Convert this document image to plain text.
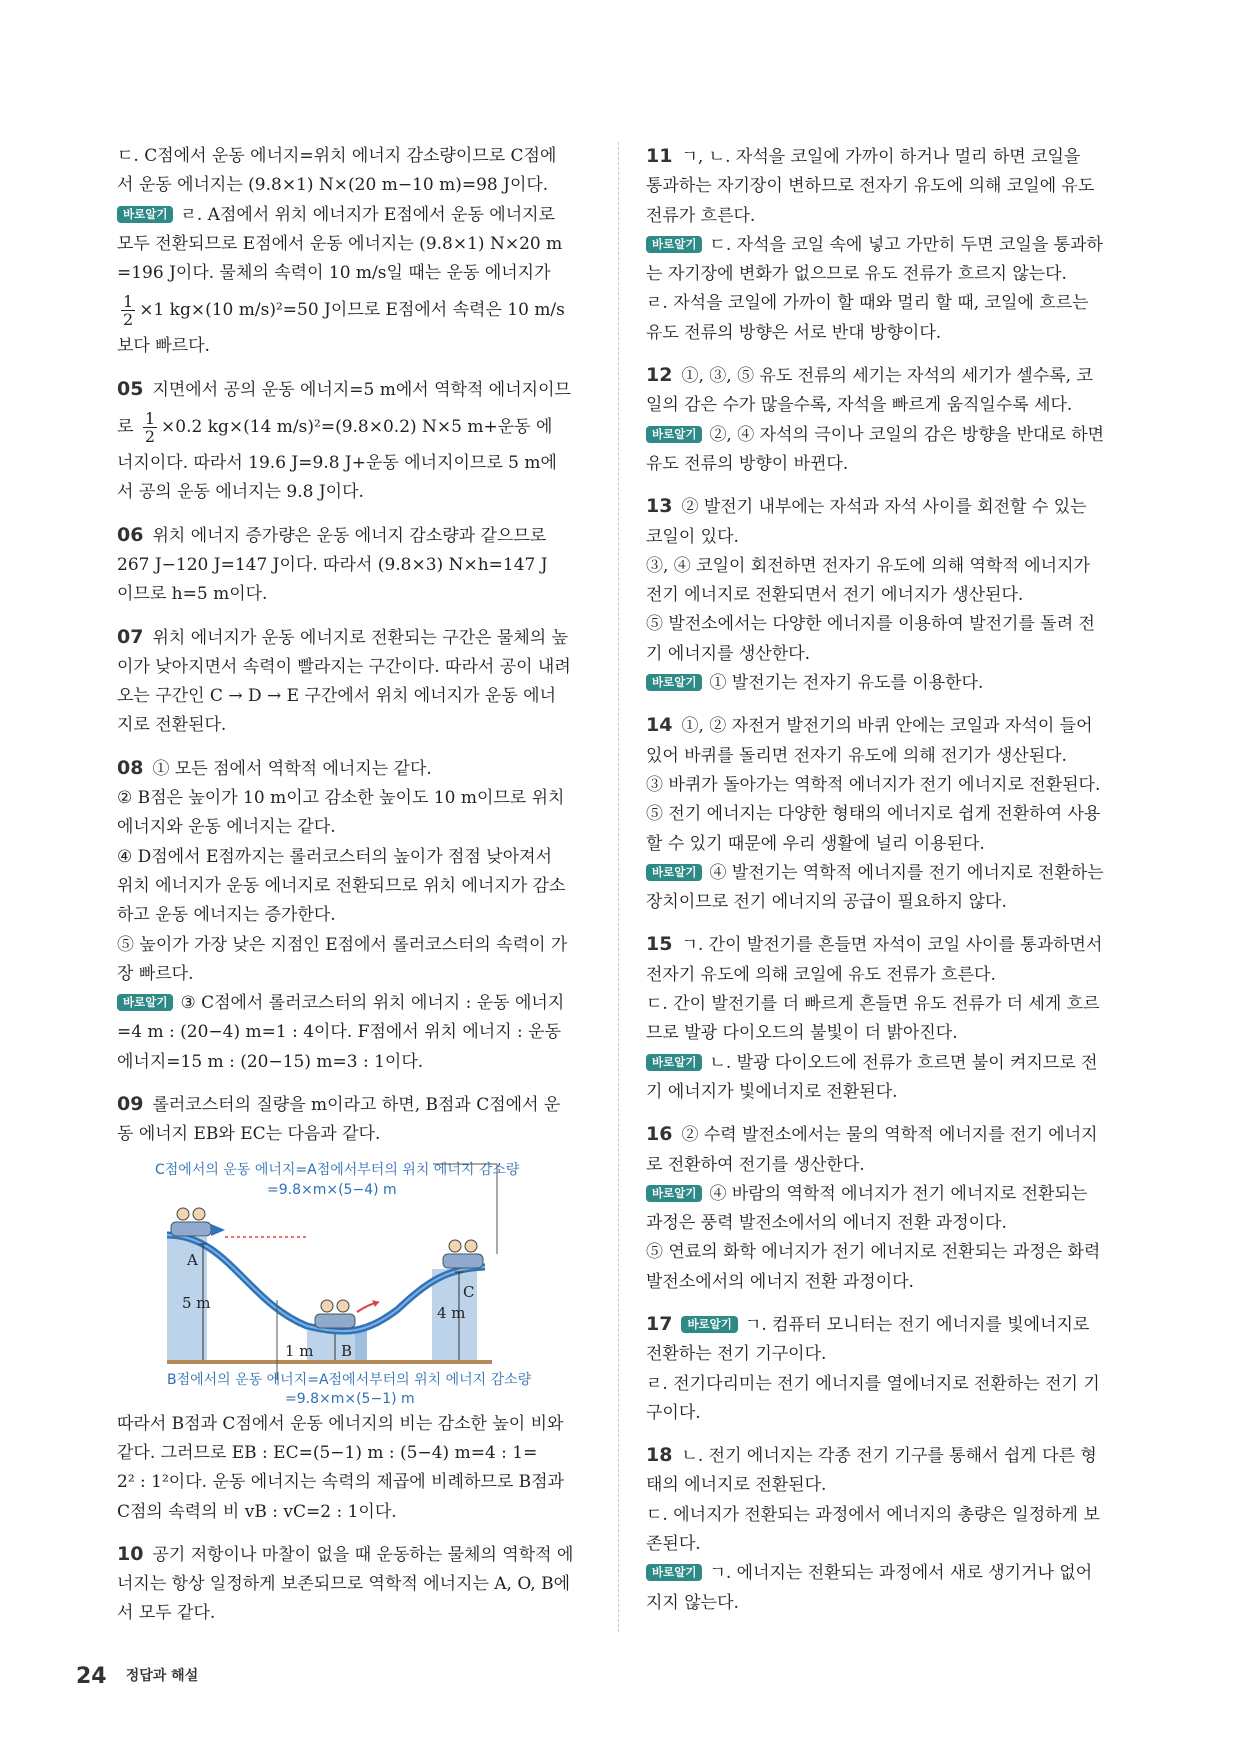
ㄷ. C점에서 운동 에너지=위치 에너지 감소량이므로 C점에
서 운동 에너지는 (9.8×1) N×(20 m−10 m)=98 J이다.
바로알기 ㄹ. A점에서 위치 에너지가 E점에서 운동 에너지로
모두 전환되므로 E점에서 운동 에너지는 (9.8×1) N×20 m
=196 J이다. 물체의 속력이 10 m/s일 때는 운동 에너지가
$\frac{1}{2} \times 1$ kg×(10 m/s)²=50 J이므로 E점에서 속력은 10 m/s
보다 빠르다.
05 지면에서 공의 운동 에너지=5 m에서 역학적 에너지이므
로 $\frac{1}{2} \times 0.2$ kg×(14 m/s)²=(9.8×0.2) N×5 m+운동 에
너지이다. 따라서 19.6 J=9.8 J+운동 에너지이므로 5 m에
서 공의 운동 에너지는 9.8 J이다.
06 위치 에너지 증가량은 운동 에너지 감소량과 같으므로
267 J−120 J=147 J이다. 따라서 (9.8×3) N×h=147 J
이므로 h=5 m이다.
07 위치 에너지가 운동 에너지로 전환되는 구간은 물체의 높
이가 낮아지면서 속력이 빨라지는 구간이다. 따라서 공이 내려
오는 구간인 C → D → E 구간에서 위치 에너지가 운동 에너
지로 전환된다.
08 ① 모든 점에서 역학적 에너지는 같다.
② B점은 높이가 10 m이고 감소한 높이도 10 m이므로 위치
에너지와 운동 에너지는 같다.
④ D점에서 E점까지는 롤러코스터의 높이가 점점 낮아져서
위치 에너지가 운동 에너지로 전환되므로 위치 에너지가 감소
하고 운동 에너지는 증가한다.
⑤ 높이가 가장 낮은 지점인 E점에서 롤러코스터의 속력이 가
장 빠르다.
바로알기 ③ C점에서 롤러코스터의 위치 에너지 : 운동 에너지
=4 m : (20−4) m=1 : 4이다. F점에서 위치 에너지 : 운동
에너지=15 m : (20−15) m=3 : 1이다.
09 롤러코스터의 질량을 m이라고 하면, B점과 C점에서 운
동 에너지 EB와 EC는 다음과 같다.
C점에서의 운동 에너지=A점에서부터의 위치 에너지 감소량
=9.8×m×(5−4) m
A
5 m
1 m B
C
4 m
B점에서의 운동 에너지=A점에서부터의 위치 에너지 감소량
=9.8×m×(5−1) m
따라서 B점과 C점에서 운동 에너지의 비는 감소한 높이 비와
같다. 그러므로 EB : EC=(5−1) m : (5−4) m=4 : 1=
2² : 1²이다. 운동 에너지는 속력의 제곱에 비례하므로 B점과
C점의 속력의 비 vB : vC=2 : 1이다.
10 공기 저항이나 마찰이 없을 때 운동하는 물체의 역학적 에
너지는 항상 일정하게 보존되므로 역학적 에너지는 A, O, B에
서 모두 같다.
11 ㄱ, ㄴ. 자석을 코일에 가까이 하거나 멀리 하면 코일을
통과하는 자기장이 변하므로 전자기 유도에 의해 코일에 유도
전류가 흐른다.
바로알기 ㄷ. 자석을 코일 속에 넣고 가만히 두면 코일을 통과하
는 자기장에 변화가 없으므로 유도 전류가 흐르지 않는다.
ㄹ. 자석을 코일에 가까이 할 때와 멀리 할 때, 코일에 흐르는
유도 전류의 방향은 서로 반대 방향이다.
12 ①, ③, ⑤ 유도 전류의 세기는 자석의 세기가 셀수록, 코
일의 감은 수가 많을수록, 자석을 빠르게 움직일수록 세다.
바로알기 ②, ④ 자석의 극이나 코일의 감은 방향을 반대로 하면
유도 전류의 방향이 바뀐다.
13 ② 발전기 내부에는 자석과 자석 사이를 회전할 수 있는
코일이 있다.
③, ④ 코일이 회전하면 전자기 유도에 의해 역학적 에너지가
전기 에너지로 전환되면서 전기 에너지가 생산된다.
⑤ 발전소에서는 다양한 에너지를 이용하여 발전기를 돌려 전
기 에너지를 생산한다.
바로알기 ① 발전기는 전자기 유도를 이용한다.
14 ①, ② 자전거 발전기의 바퀴 안에는 코일과 자석이 들어
있어 바퀴를 돌리면 전자기 유도에 의해 전기가 생산된다.
③ 바퀴가 돌아가는 역학적 에너지가 전기 에너지로 전환된다.
⑤ 전기 에너지는 다양한 형태의 에너지로 쉽게 전환하여 사용
할 수 있기 때문에 우리 생활에 널리 이용된다.
바로알기 ④ 발전기는 역학적 에너지를 전기 에너지로 전환하는
장치이므로 전기 에너지의 공급이 필요하지 않다.
15 ㄱ. 간이 발전기를 흔들면 자석이 코일 사이를 통과하면서
전자기 유도에 의해 코일에 유도 전류가 흐른다.
ㄷ. 간이 발전기를 더 빠르게 흔들면 유도 전류가 더 세게 흐르
므로 발광 다이오드의 불빛이 더 밝아진다.
바로알기 ㄴ. 발광 다이오드에 전류가 흐르면 불이 켜지므로 전
기 에너지가 빛에너지로 전환된다.
16 ② 수력 발전소에서는 물의 역학적 에너지를 전기 에너지
로 전환하여 전기를 생산한다.
바로알기 ④ 바람의 역학적 에너지가 전기 에너지로 전환되는
과정은 풍력 발전소에서의 에너지 전환 과정이다.
⑤ 연료의 화학 에너지가 전기 에너지로 전환되는 과정은 화력
발전소에서의 에너지 전환 과정이다.
17 바로알기 ㄱ. 컴퓨터 모니터는 전기 에너지를 빛에너지로
전환하는 전기 기구이다.
ㄹ. 전기다리미는 전기 에너지를 열에너지로 전환하는 전기 기
구이다.
18 ㄴ. 전기 에너지는 각종 전기 기구를 통해서 쉽게 다른 형
태의 에너지로 전환된다.
ㄷ. 에너지가 전환되는 과정에서 에너지의 총량은 일정하게 보
존된다.
바로알기 ㄱ. 에너지는 전환되는 과정에서 새로 생기거나 없어
지지 않는다.
24 정답과 해설
